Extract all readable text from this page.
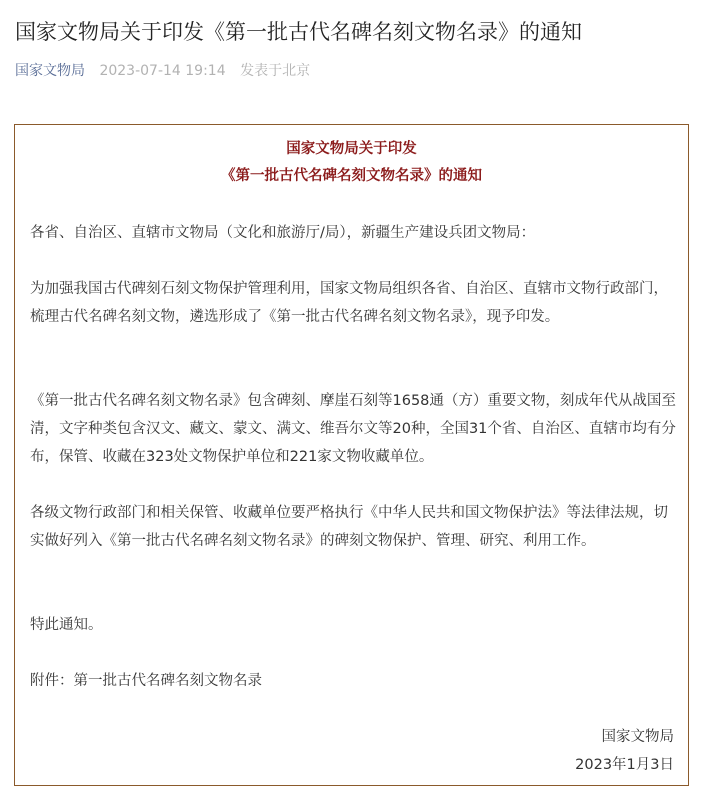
国家文物局关于印发《第一批古代名碑名刻文物名录》的通知
国家文物局 2023-07-14 19:14 发表于北京
国家文物局关于印发
《第一批古代名碑名刻文物名录》的通知

各省、自治区、直辖市文物局（文化和旅游厅/局），新疆生产建设兵团文物局：

为加强我国古代碑刻石刻文物保护管理利用，国家文物局组织各省、自治区、直辖市文物行政部门，梳理古代名碑名刻文物，遴选形成了《第一批古代名碑名刻文物名录》，现予印发。

《第一批古代名碑名刻文物名录》包含碑刻、摩崖石刻等1658通（方）重要文物，刻成年代从战国至清，文字种类包含汉文、藏文、蒙文、满文、维吾尔文等20种，全国31个省、自治区、直辖市均有分布，保管、收藏在323处文物保护单位和221家文物收藏单位。

各级文物行政部门和相关保管、收藏单位要严格执行《中华人民共和国文物保护法》等法律法规，切实做好列入《第一批古代名碑名刻文物名录》的碑刻文物保护、管理、研究、利用工作。

特此通知。

附件：第一批古代名碑名刻文物名录

国家文物局
2023年1月3日
